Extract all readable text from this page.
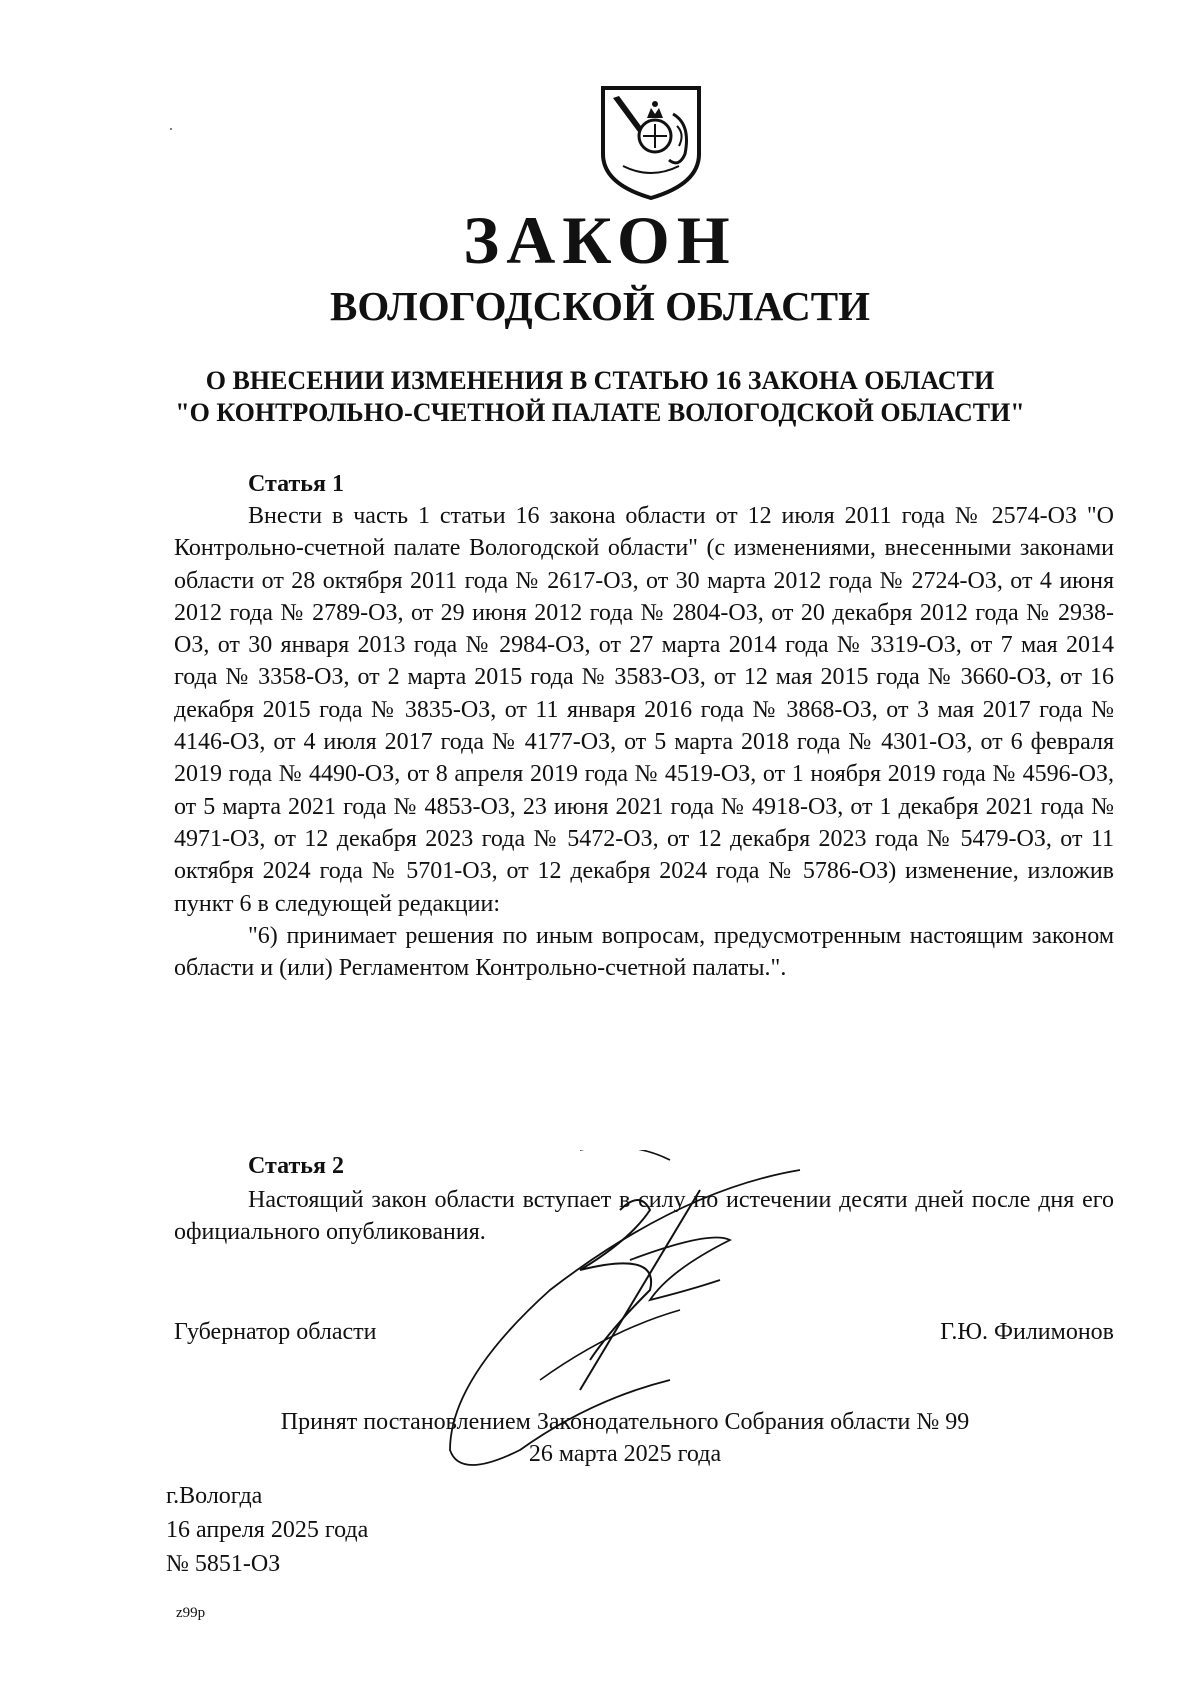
ЗАКОН
ВОЛОГОДСКОЙ ОБЛАСТИ
О ВНЕСЕНИИ ИЗМЕНЕНИЯ В СТАТЬЮ 16 ЗАКОНА ОБЛАСТИ
"О КОНТРОЛЬНО-СЧЕТНОЙ ПАЛАТЕ ВОЛОГОДСКОЙ ОБЛАСТИ"
Статья 1

Внести в часть 1 статьи 16 закона области от 12 июля 2011 года № 2574-ОЗ "О Контрольно-счетной палате Вологодской области" (с изменениями, внесенными законами области от 28 октября 2011 года № 2617-ОЗ, от 30 марта 2012 года № 2724-ОЗ, от 4 июня 2012 года № 2789-ОЗ, от 29 июня 2012 года № 2804-ОЗ, от 20 декабря 2012 года № 2938-ОЗ, от 30 января 2013 года № 2984-ОЗ, от 27 марта 2014 года № 3319-ОЗ, от 7 мая 2014 года № 3358-ОЗ, от 2 марта 2015 года № 3583-ОЗ, от 12 мая 2015 года № 3660-ОЗ, от 16 декабря 2015 года № 3835-ОЗ, от 11 января 2016 года № 3868-ОЗ, от 3 мая 2017 года № 4146-ОЗ, от 4 июля 2017 года № 4177-ОЗ, от 5 марта 2018 года № 4301-ОЗ, от 6 февраля 2019 года № 4490-ОЗ, от 8 апреля 2019 года № 4519-ОЗ, от 1 ноября 2019 года № 4596-ОЗ, от 5 марта 2021 года № 4853-ОЗ, 23 июня 2021 года № 4918-ОЗ, от 1 декабря 2021 года № 4971-ОЗ, от 12 декабря 2023 года № 5472-ОЗ, от 12 декабря 2023 года № 5479-ОЗ, от 11 октября 2024 года № 5701-ОЗ, от 12 декабря 2024 года № 5786-ОЗ) изменение, изложив пункт 6 в следующей редакции:

"6) принимает решения по иным вопросам, предусмотренным настоящим законом области и (или) Регламентом Контрольно-счетной палаты.".

Статья 2

Настоящий закон области вступает в силу по истечении десяти дней после дня его официального опубликования.

Губернатор области	Г.Ю. Филимонов
Принят постановлением Законодательного Собрания области № 99
26 марта 2025 года
г.Вологда
16 апреля 2025 года
№ 5851-ОЗ
z99p
